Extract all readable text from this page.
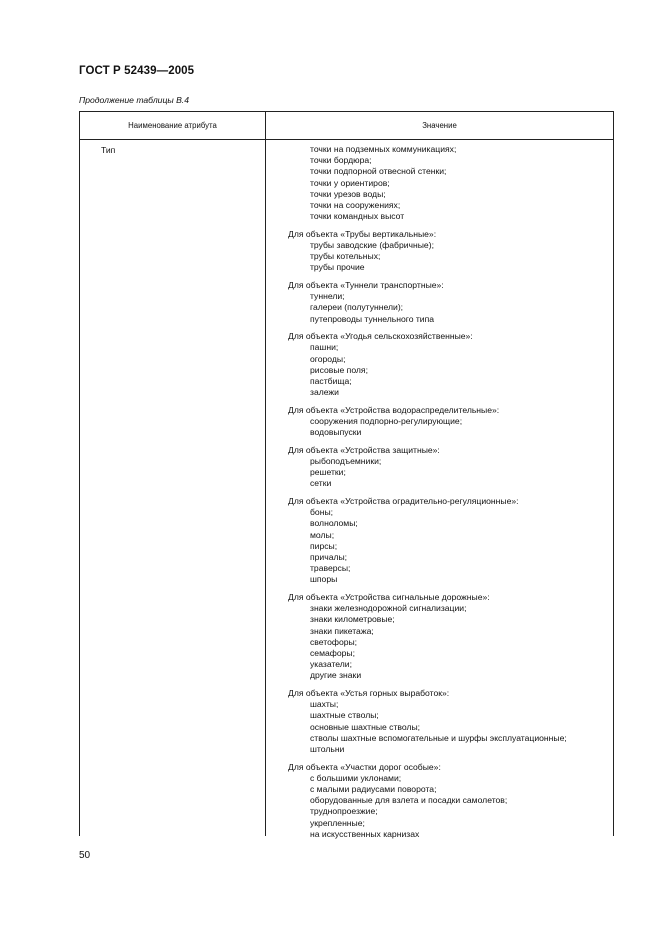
ГОСТ Р 52439—2005
Продолжение таблицы В.4
Наименование атрибута	Значение
Тип	точки на подземных коммуникациях;
точки бордюра;
точки подпорной отвесной стенки;
точки у ориентиров;
точки урезов воды;
точки на сооружениях;
точки командных высот
Для объекта «Трубы вертикальные»:
трубы заводские (фабричные);
трубы котельных;
трубы прочие
Для объекта «Туннели транспортные»:
туннели;
галереи (полутуннели);
путепроводы туннельного типа
Для объекта «Угодья сельскохозяйственные»:
пашни;
огороды;
рисовые поля;
пастбища;
залежи
Для объекта «Устройства водораспределительные»:
сооружения подпорно-регулирующие;
водовыпуски
Для объекта «Устройства защитные»:
рыбоподъемники;
решетки;
сетки
Для объекта «Устройства оградительно-регуляционные»:
боны;
волноломы;
молы;
пирсы;
причалы;
траверсы;
шпоры
Для объекта «Устройства сигнальные дорожные»:
знаки железнодорожной сигнализации;
знаки километровые;
знаки пикетажа;
светофоры;
семафоры;
указатели;
другие знаки
Для объекта «Устья горных выработок»:
шахты;
шахтные стволы;
основные шахтные стволы;
стволы шахтные вспомогательные и шурфы эксплуатационные;
штольни
Для объекта «Участки дорог особые»:
с большими уклонами;
с малыми радиусами поворота;
оборудованные для взлета и посадки самолетов;
труднопроезжие;
укрепленные;
на искусственных карнизах
50
